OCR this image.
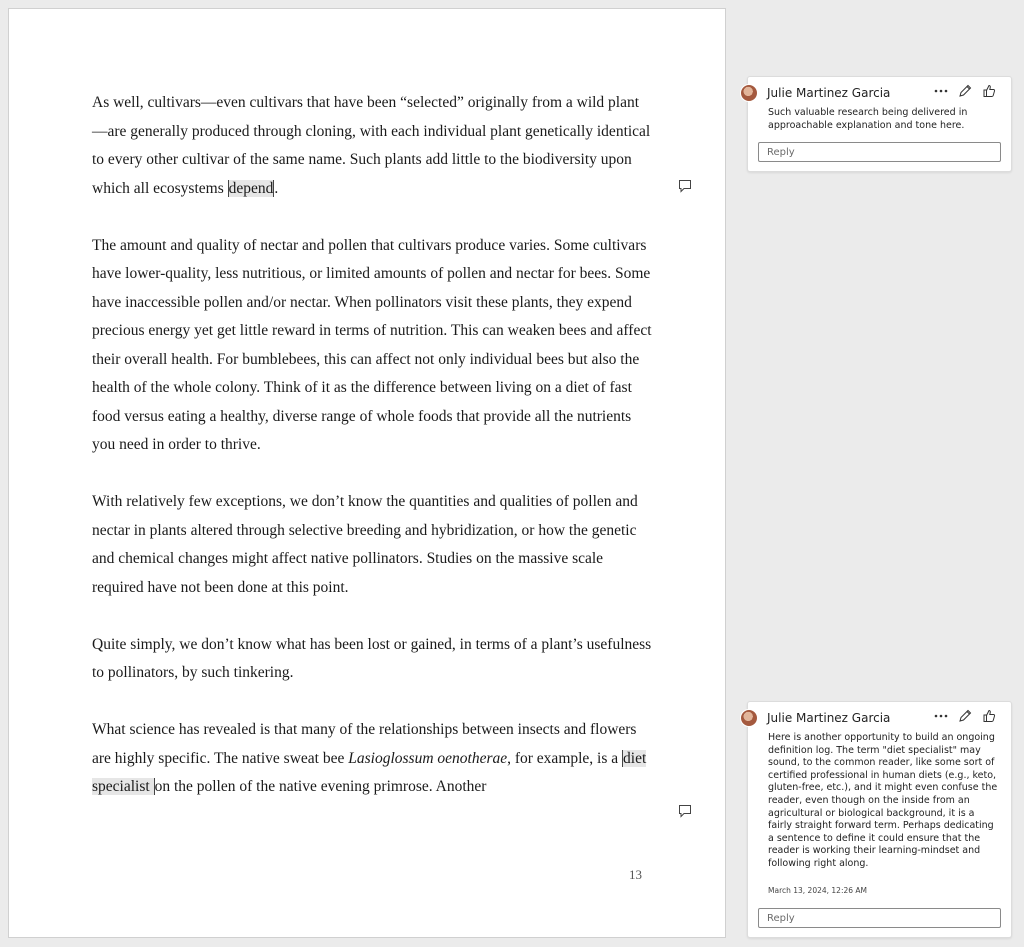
As well, cultivars—even cultivars that have been “selected” originally from a wild plant—are generally produced through cloning, with each individual plant genetically identical to every other cultivar of the same name. Such plants add little to the biodiversity upon which all ecosystems depend.

The amount and quality of nectar and pollen that cultivars produce varies. Some cultivars have lower-quality, less nutritious, or limited amounts of pollen and nectar for bees. Some have inaccessible pollen and/or nectar. When pollinators visit these plants, they expend precious energy yet get little reward in terms of nutrition. This can weaken bees and affect their overall health. For bumblebees, this can affect not only individual bees but also the health of the whole colony. Think of it as the difference between living on a diet of fast food versus eating a healthy, diverse range of whole foods that provide all the nutrients you need in order to thrive.

With relatively few exceptions, we don’t know the quantities and qualities of pollen and nectar in plants altered through selective breeding and hybridization, or how the genetic and chemical changes might affect native pollinators. Studies on the massive scale required have not been done at this point.

Quite simply, we don’t know what has been lost or gained, in terms of a plant’s usefulness to pollinators, by such tinkering.

What science has revealed is that many of the relationships between insects and flowers are highly specific. The native sweat bee Lasioglossum oenotherae, for example, is a diet specialist on the pollen of the native evening primrose. Another

13
Julie Martinez Garcia
Such valuable research being delivered in approachable explanation and tone here.
Reply
Julie Martinez Garcia
Here is another opportunity to build an ongoing definition log. The term "diet specialist" may sound, to the common reader, like some sort of certified professional in human diets (e.g., keto, gluten-free, etc.), and it might even confuse the reader, even though on the inside from an agricultural or biological background, it is a fairly straight forward term. Perhaps dedicating a sentence to define it could ensure that the reader is working their learning-mindset and following right along.
March 13, 2024, 12:26 AM
Reply
